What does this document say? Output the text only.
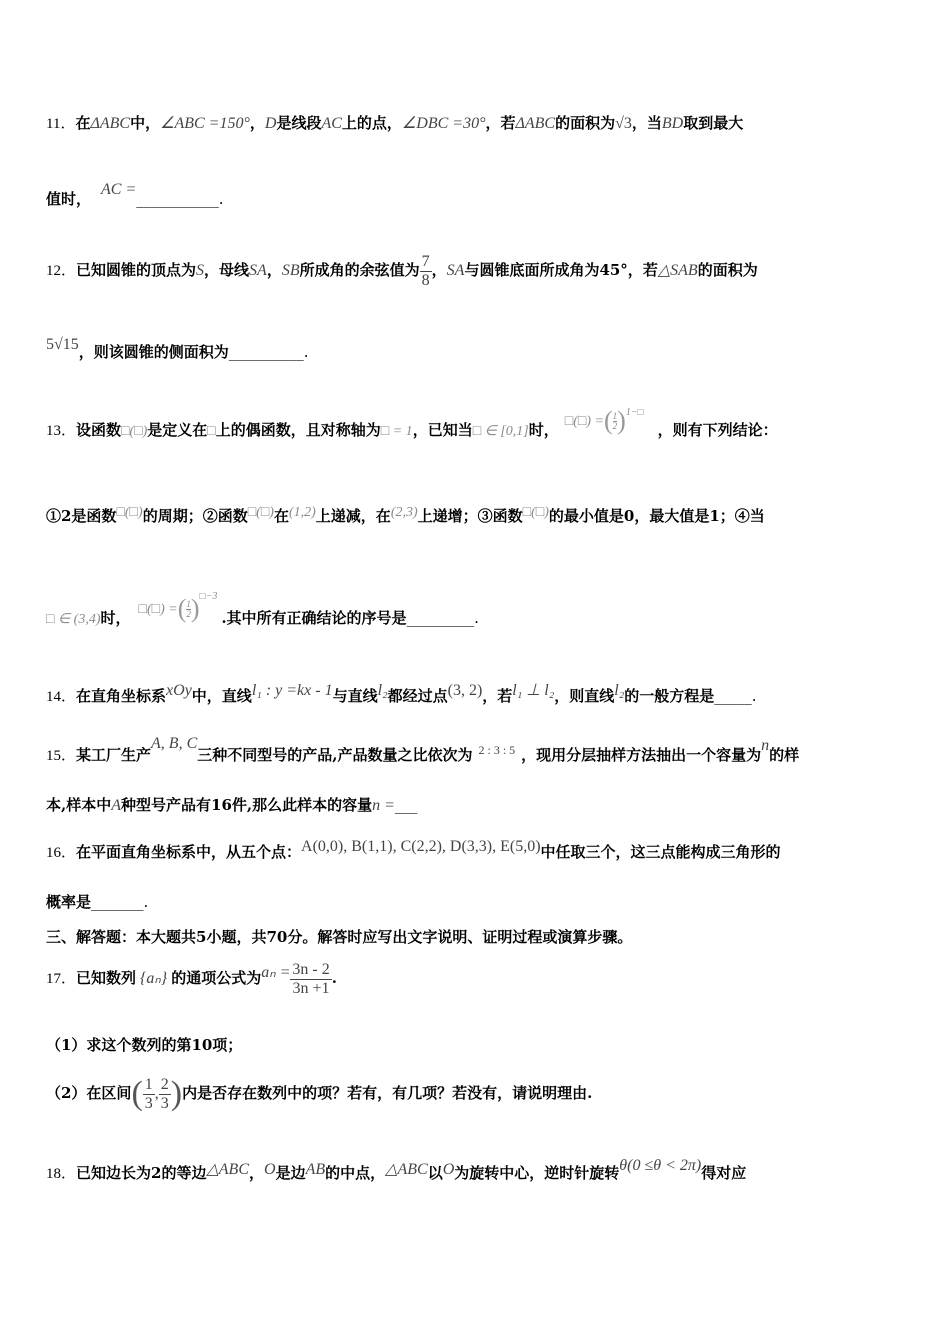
11．在ΔABC中，∠ABC =150°，D是线段AC上的点，∠DBC =30°，若ΔABC的面积为√3，当BD取到最大
值时，AC =___________.
12．已知圆锥的顶点为S，母线SA，SB所成角的余弦值为 $\frac{7}{8}$ ，SA与圆锥底面所成角为45°，若△SAB的面积为
5√15，则该圆锥的侧面积为__________.
13．设函数□(□)是定义在□上的偶函数，且对称轴为□ = 1，已知当□ ∈ [0,1]时， □(□) =( $\frac{1}{2})^{1-□}$，则有下列结论：
①2是函数□(□)的周期；②函数□(□)在(1,2)上递减，在(2,3)上递增；③函数□(□)的最小值是0，最大值是1；④当
□ ∈ (3,4)时， □(□) =( $\frac{1}{2})^{□-3}$.其中所有正确结论的序号是_________.
14．在直角坐标系xOy中，直线l₁ : y =kx - 1与直线l₂都经过点(3, 2)，若l₁ ⊥ l₂，则直线l₂的一般方程是_____.
15．某工厂生产A, B, C三种不同型号的产品,产品数量之比依次为 $^{2 : 3 : 5}$ ，现用分层抽样方法抽出一个容量为n的样
本,样本中A种型号产品有16件,那么此样本的容量n =___
16．在平面直角坐标系中，从五个点：A(0,0), B(1,1), C(2,2), D(3,3), E(5,0)中任取三个，这三点能构成三角形的
概率是_______.
三、解答题：本大题共5小题，共70分。解答时应写出文字说明、证明过程或演算步骤。
17．已知数列 {aₙ} 的通项公式为$a_n = \frac{3n - 2}{3n +1}$ .
（1）求这个数列的第10项；
（2）在区间( $\frac{1}{3}$ , $\frac{2}{3}$ )内是否存在数列中的项？若有，有几项？若没有，请说明理由.
18．已知边长为2的等边△ABC，O是边AB的中点，△ABC以O为旋转中心，逆时针旋转θ(0 ≤θ < 2π)得对应
